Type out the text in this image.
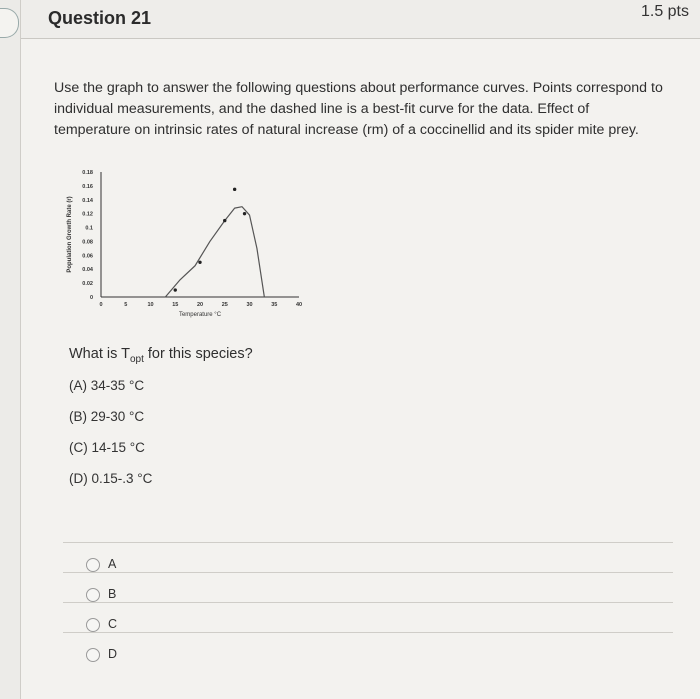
Question 21	1.5 pts
Use the graph to answer the following questions about performance curves. Points correspond to individual measurements, and the dashed line is a best-fit curve for the data. Effect of temperature on intrinsic rates of natural increase (rm) of a coccinellid and its spider mite prey.
0
0.02
0.04
0.06
0.08
0.1
0.12
0.14
0.16
0.18
0	5	10	15	20	25	30	35	40
Temperature °C
Population Growth Rate (r)
What is $T_{opt}$ for this species?
(A) 34-35 °C
(B) 29-30 °C
(C) 14-15 °C
(D) 0.15-.3 °C
A
B
C
D
